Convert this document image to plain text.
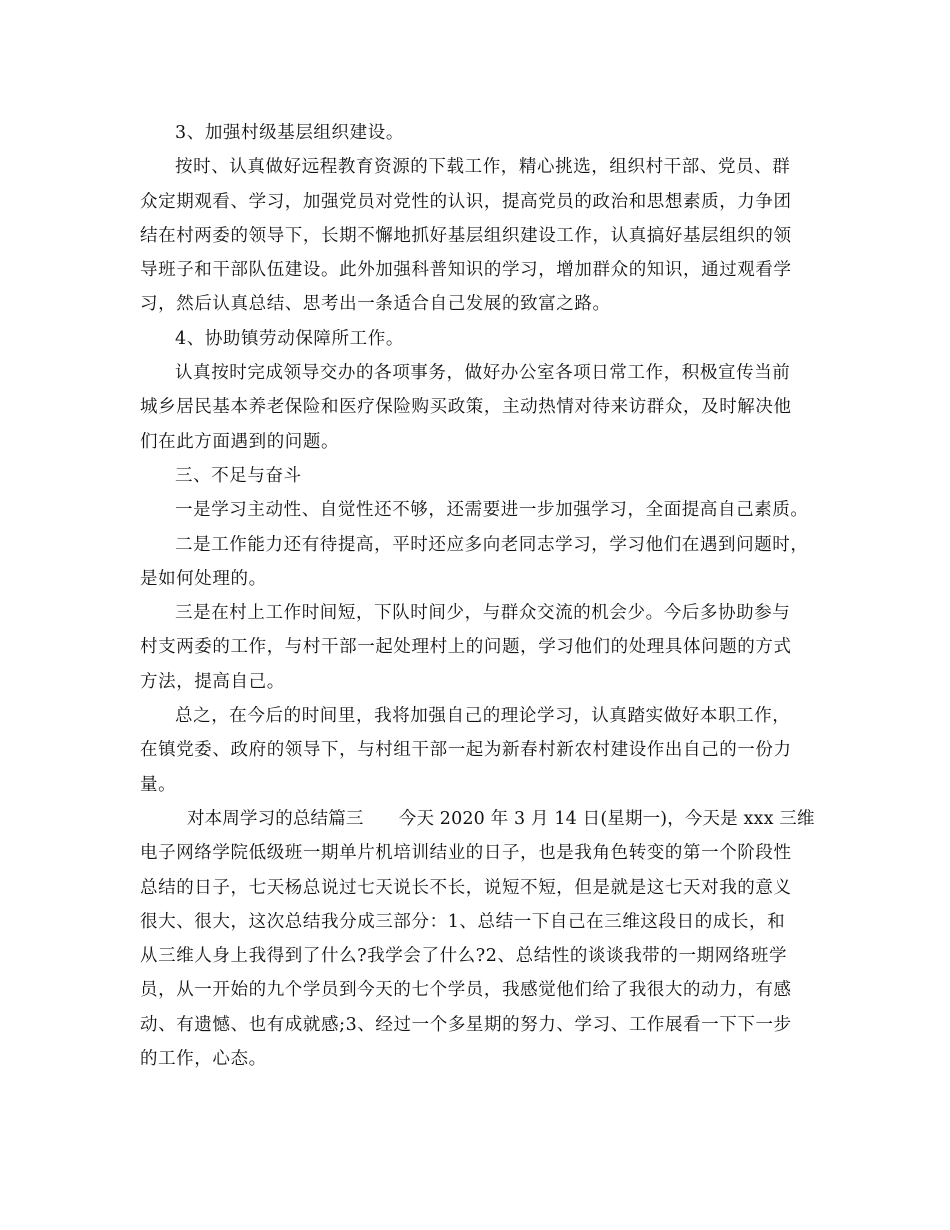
3、加强村级基层组织建设。
按时、认真做好远程教育资源的下载工作，精心挑选，组织村干部、党员、群
众定期观看、学习，加强党员对党性的认识，提高党员的政治和思想素质，力争团
结在村两委的领导下，长期不懈地抓好基层组织建设工作，认真搞好基层组织的领
导班子和干部队伍建设。此外加强科普知识的学习，增加群众的知识，通过观看学
习，然后认真总结、思考出一条适合自己发展的致富之路。
4、协助镇劳动保障所工作。
认真按时完成领导交办的各项事务，做好办公室各项日常工作，积极宣传当前
城乡居民基本养老保险和医疗保险购买政策，主动热情对待来访群众，及时解决他
们在此方面遇到的问题。
三、不足与奋斗
一是学习主动性、自觉性还不够，还需要进一步加强学习，全面提高自己素质。
二是工作能力还有待提高，平时还应多向老同志学习，学习他们在遇到问题时，
是如何处理的。
三是在村上工作时间短，下队时间少，与群众交流的机会少。今后多协助参与
村支两委的工作，与村干部一起处理村上的问题，学习他们的处理具体问题的方式
方法，提高自己。
总之，在今后的时间里，我将加强自己的理论学习，认真踏实做好本职工作，
在镇党委、政府的领导下，与村组干部一起为新春村新农村建设作出自己的一份力
量。
对本周学习的总结篇三　　今天 2020 年 3 月 14 日(星期一)，今天是 xxx 三维
电子网络学院低级班一期单片机培训结业的日子，也是我角色转变的第一个阶段性
总结的日子，七天杨总说过七天说长不长，说短不短，但是就是这七天对我的意义
很大、很大，这次总结我分成三部分：1、总结一下自己在三维这段日的成长，和
从三维人身上我得到了什么?我学会了什么?2、总结性的谈谈我带的一期网络班学
员，从一开始的九个学员到今天的七个学员，我感觉他们给了我很大的动力，有感
动、有遗憾、也有成就感;3、经过一个多星期的努力、学习、工作展看一下下一步
的工作，心态。
